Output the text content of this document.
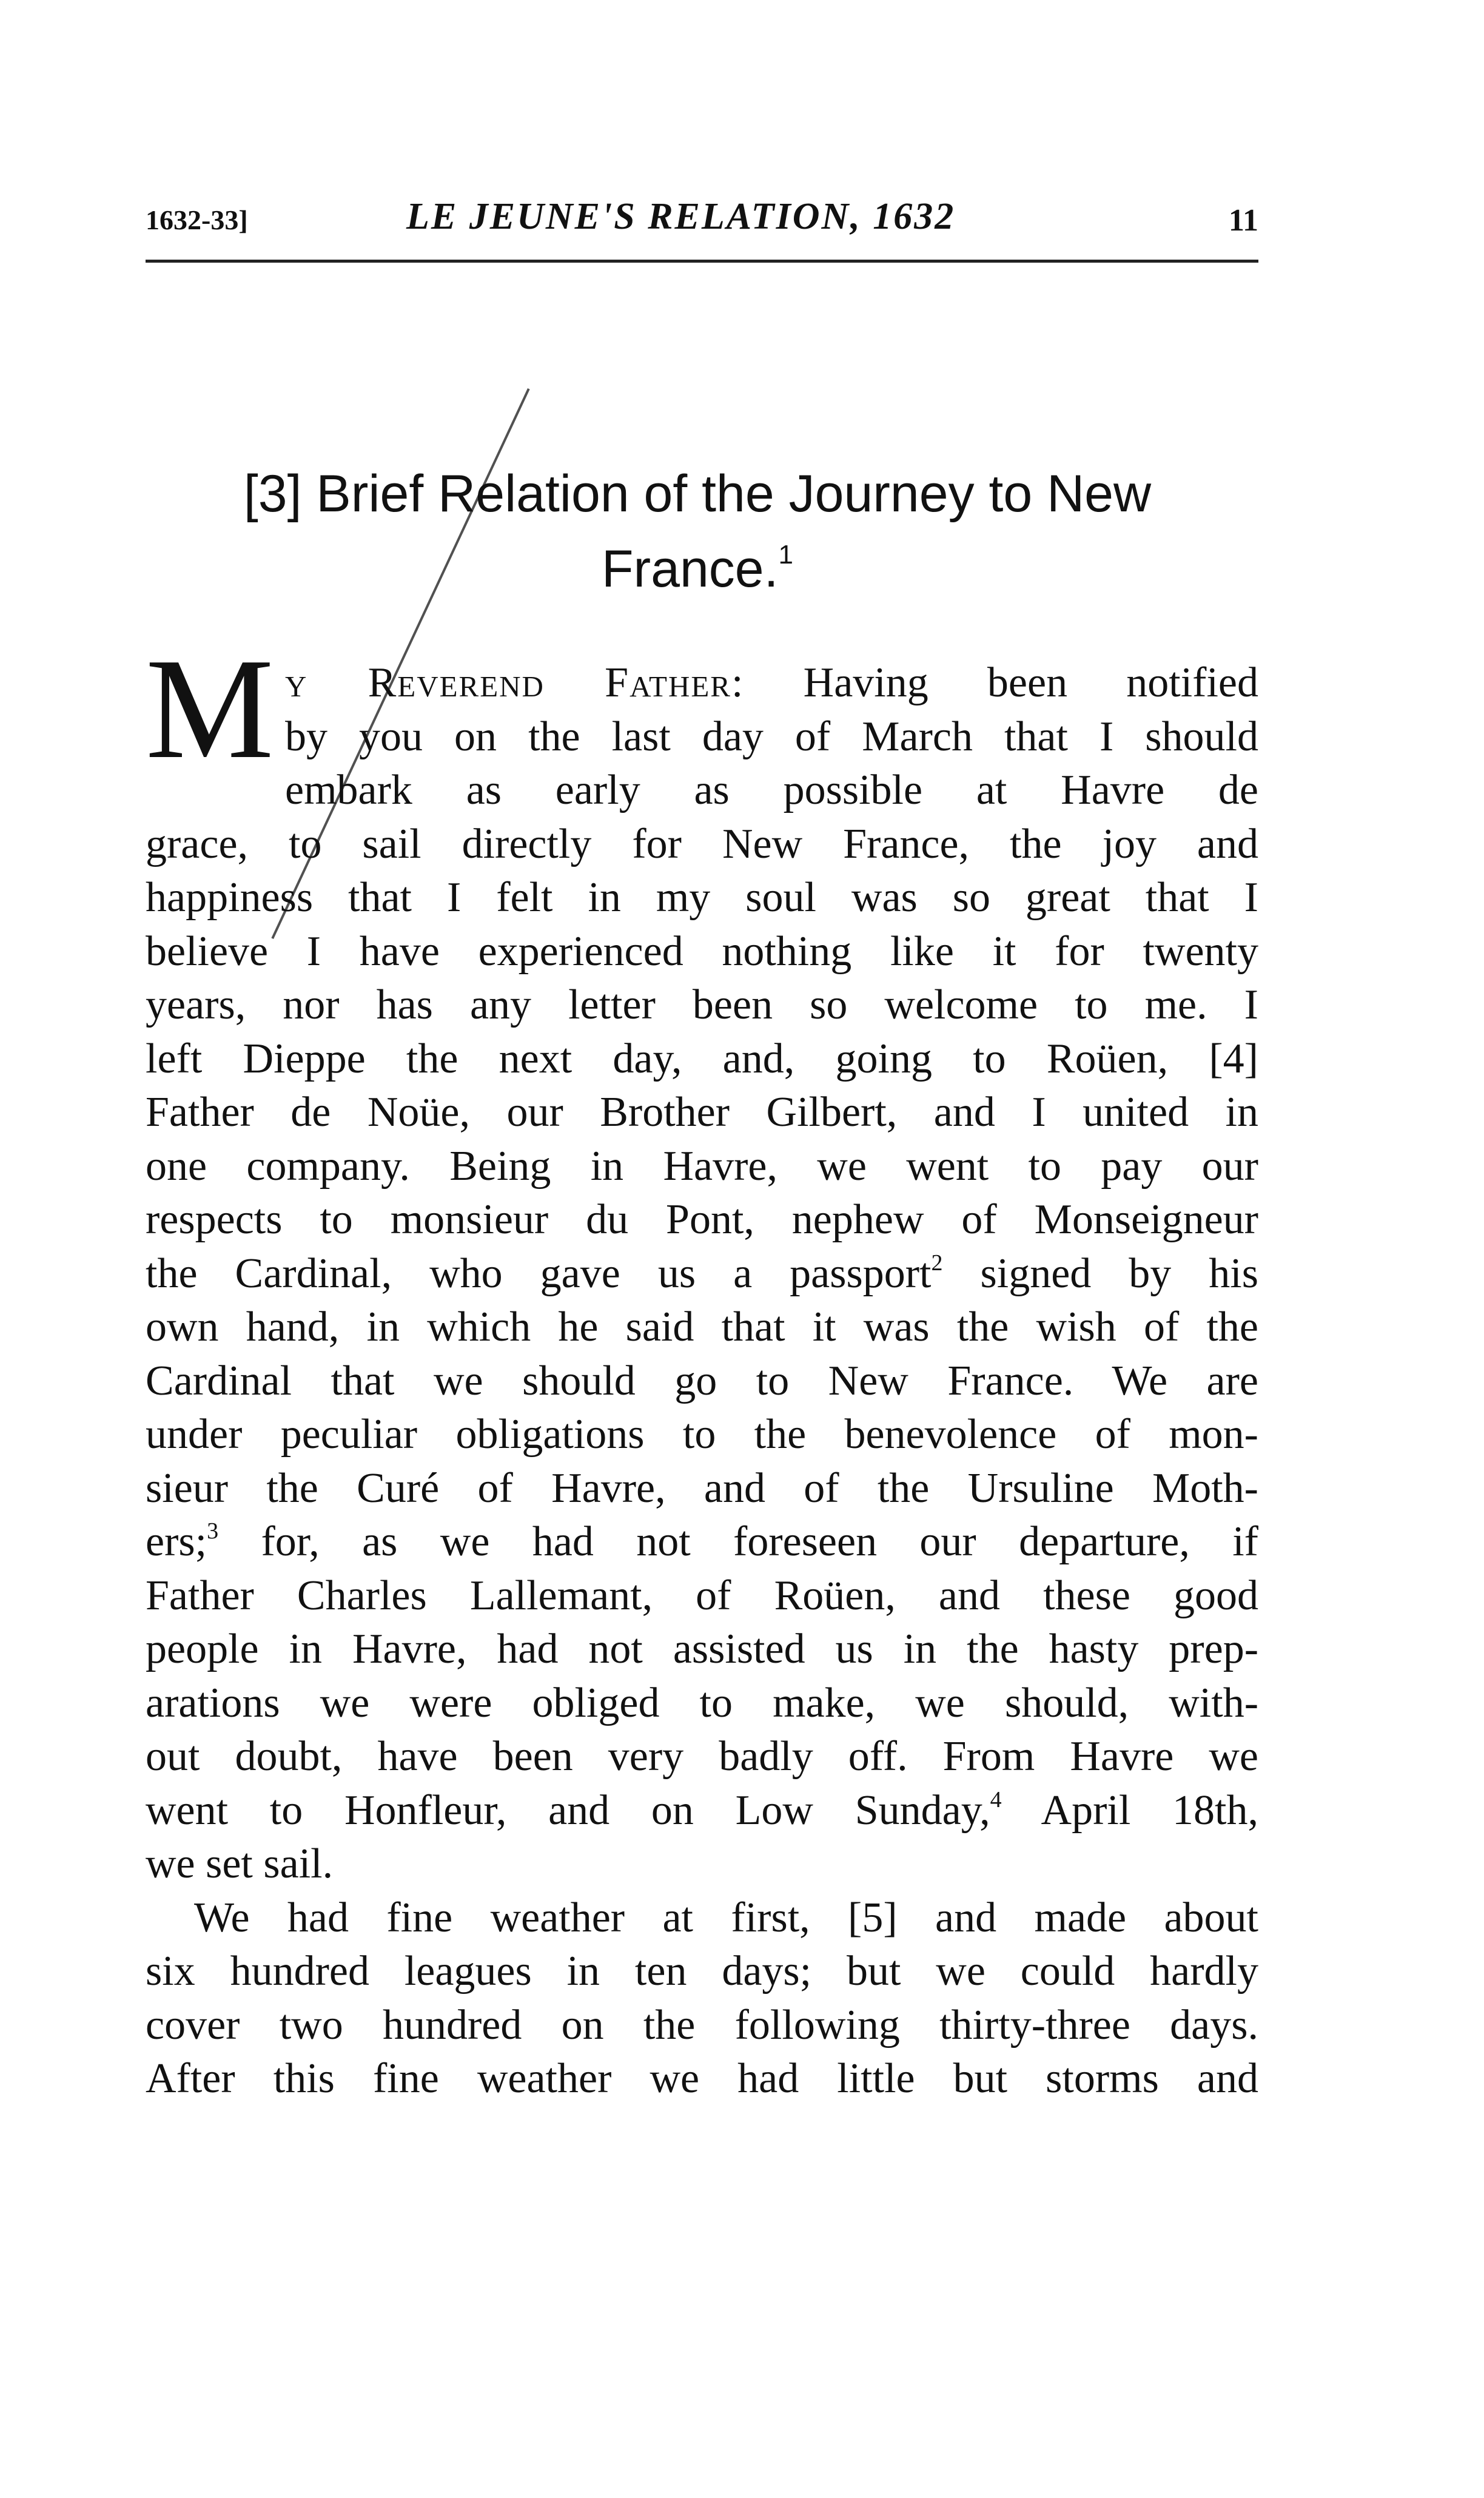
1632-33]	LE JEUNE'S RELATION, 1632	11
[3] Brief Relation of the Journey to New
France.$^1$
M y Reverend Father: Having been notified
by you on the last day of March that I should
embark as early as possible at Havre de
grace, to sail directly for New France, the joy and
happiness that I felt in my soul was so great that I
believe I have experienced nothing like it for twenty
years, nor has any letter been so welcome to me. I
left Dieppe the next day, and, going to Roüen, [4]
Father de Noüe, our Brother Gilbert, and I united in
one company. Being in Havre, we went to pay our
respects to monsieur du Pont, nephew of Monseigneur
the Cardinal, who gave us a passport$^2$ signed by his
own hand, in which he said that it was the wish of the
Cardinal that we should go to New France. We are
under peculiar obligations to the benevolence of mon-
sieur the Curé of Havre, and of the Ursuline Moth-
ers;$^3$ for, as we had not foreseen our departure, if
Father Charles Lallemant, of Roüen, and these good
people in Havre, had not assisted us in the hasty prep-
arations we were obliged to make, we should, with-
out doubt, have been very badly off. From Havre we
went to Honfleur, and on Low Sunday,$^4$ April 18th,
we set sail.
We had fine weather at first, [5] and made about
six hundred leagues in ten days; but we could hardly
cover two hundred on the following thirty-three days.
After this fine weather we had little but storms and
